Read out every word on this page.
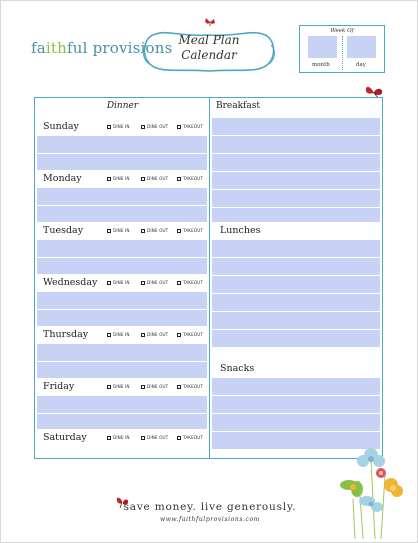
faithful provisions Meal Plan
Calendar
Week Of
month	day
Dinner
Sunday	DINE IN	DINE OUT	TAKEOUT
Monday	DINE IN	DINE OUT	TAKEOUT
Tuesday	DINE IN	DINE OUT	TAKEOUT
Wednesday	DINE IN	DINE OUT	TAKEOUT
Thursday	DINE IN	DINE OUT	TAKEOUT
Friday	DINE IN	DINE OUT	TAKEOUT
Saturday	DINE IN	DINE OUT	TAKEOUT
Breakfast
Lunches
Snacks
save money. live generously.
www.faithfulprovisions.com
